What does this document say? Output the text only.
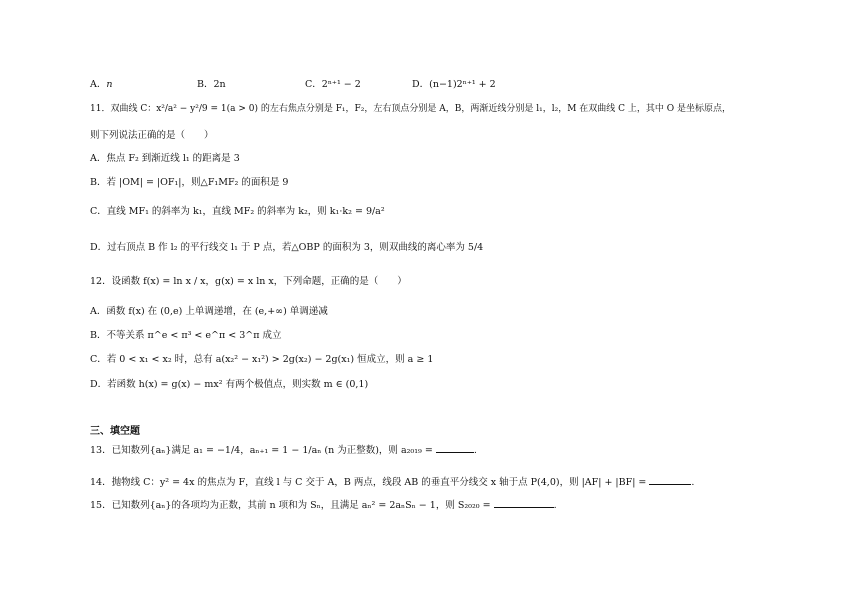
A．n	B．2n	C．2ⁿ⁺¹ − 2	D．(n−1)2ⁿ⁺¹ + 2
11．双曲线 C：x²/a² − y²/9 = 1(a > 0) 的左右焦点分别是 F₁，F₂，左右顶点分别是 A，B，两渐近线分别是 l₁，l₂，M 在双曲线 C 上，其中 O 是坐标原点，
则下列说法正确的是（　　）
A．焦点 F₂ 到渐近线 l₁ 的距离是 3
B．若 |OM| = |OF₁|，则△F₁MF₂ 的面积是 9
C．直线 MF₁ 的斜率为 k₁，直线 MF₂ 的斜率为 k₂，则 k₁·k₂ = 9/a²
D．过右顶点 B 作 l₂ 的平行线交 l₁ 于 P 点，若△OBP 的面积为 3，则双曲线的离心率为 5/4
12．设函数 f(x) = ln x / x，g(x) = x ln x，下列命题，正确的是（　　）
A．函数 f(x) 在 (0,e) 上单调递增，在 (e,+∞) 单调递减
B．不等关系 π^e < π³ < e^π < 3^π 成立
C．若 0 < x₁ < x₂ 时，总有 a(x₂² − x₁²) > 2g(x₂) − 2g(x₁) 恒成立，则 a ≥ 1
D．若函数 h(x) = g(x) − mx² 有两个极值点，则实数 m ∈ (0,1)
三、填空题
13．已知数列{aₙ}满足 a₁ = −1/4，aₙ₊₁ = 1 − 1/aₙ (n 为正整数)，则 a₂₀₁₉ =	.
14．抛物线 C：y² = 4x 的焦点为 F，直线 l 与 C 交于 A，B 两点，线段 AB 的垂直平分线交 x 轴于点 P(4,0)，则 |AF| + |BF| =	.
15．已知数列{aₙ}的各项均为正数，其前 n 项和为 Sₙ，且满足 aₙ² = 2aₙSₙ − 1，则 S₂₀₂₀ =	.
